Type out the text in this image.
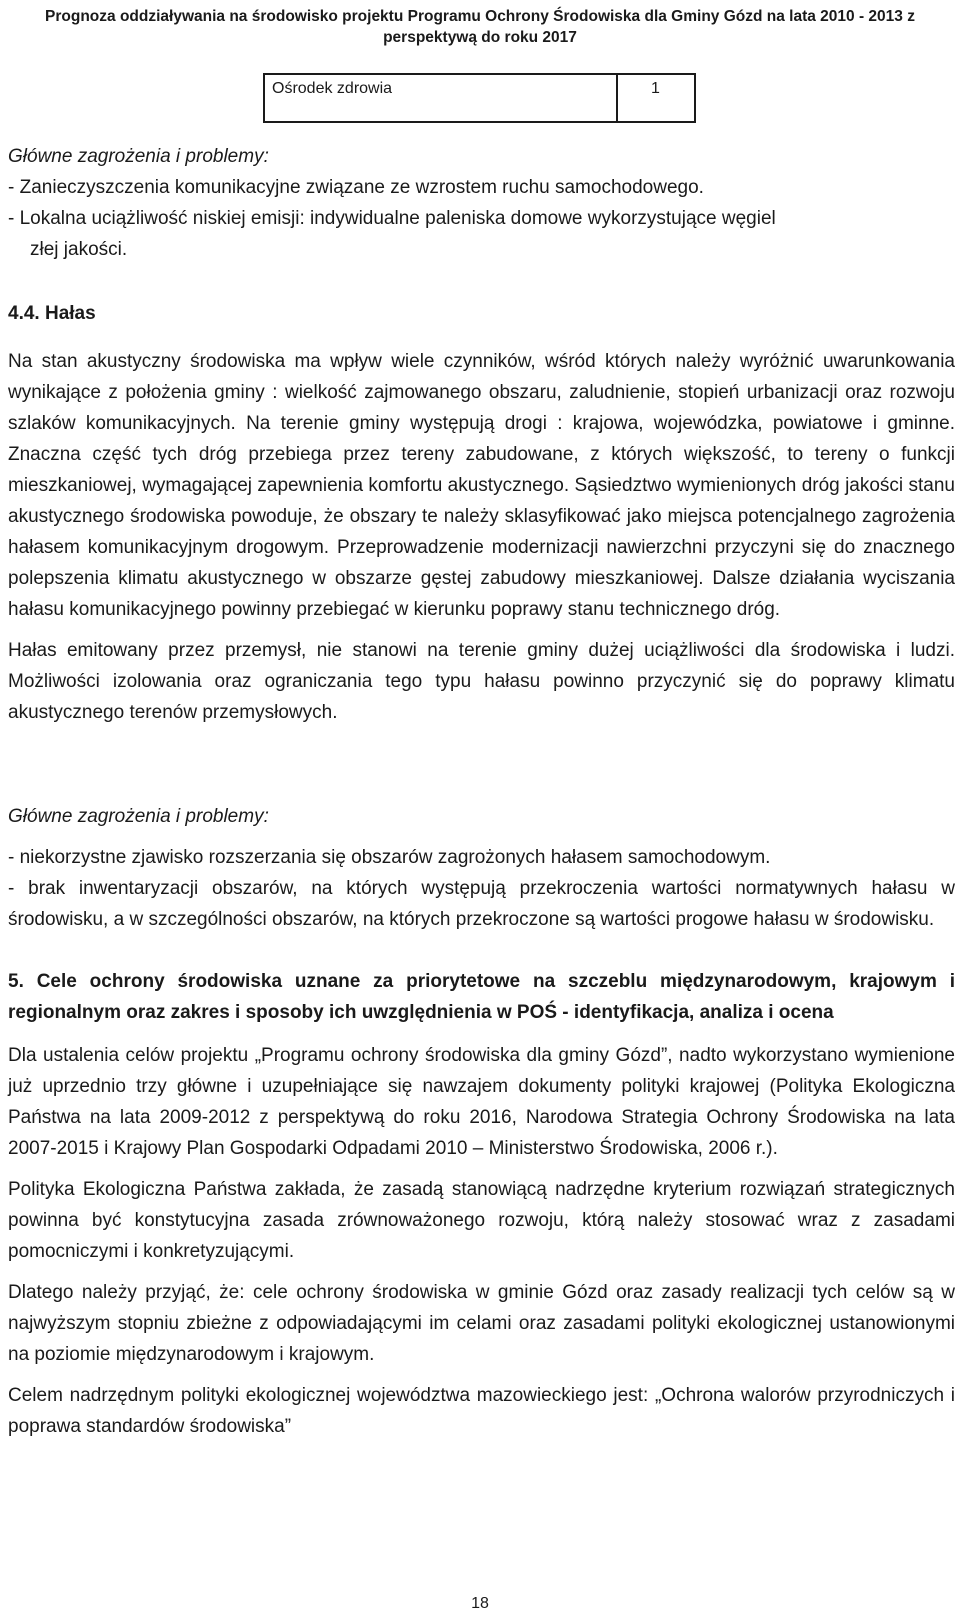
Prognoza oddziaływania na środowisko projektu Programu Ochrony Środowiska dla Gminy Gózd na lata 2010 - 2013 z
perspektywą do roku 2017
Ośrodek zdrowia	1

Główne zagrożenia i problemy:

- Zanieczyszczenia komunikacyjne związane ze wzrostem ruchu samochodowego.

- Lokalna uciążliwość niskiej emisji: indywidualne paleniska domowe wykorzystujące węgiel

złej jakości.

4.4. Hałas

Na stan akustyczny środowiska ma wpływ wiele czynników, wśród których należy wyróżnić uwarunkowania wynikające z położenia gminy : wielkość zajmowanego obszaru, zaludnienie, stopień urbanizacji oraz rozwoju szlaków komunikacyjnych. Na terenie gminy występują drogi : krajowa, wojewódzka, powiatowe i gminne. Znaczna część tych dróg przebiega przez tereny zabudowane, z których większość, to tereny o funkcji mieszkaniowej, wymagającej zapewnienia komfortu akustycznego. Sąsiedztwo wymienionych dróg jakości stanu akustycznego środowiska powoduje, że obszary te należy sklasyfikować jako miejsca potencjalnego zagrożenia hałasem komunikacyjnym drogowym. Przeprowadzenie modernizacji nawierzchni przyczyni się do znacznego polepszenia klimatu akustycznego w obszarze gęstej zabudowy mieszkaniowej. Dalsze działania wyciszania hałasu komunikacyjnego powinny przebiegać w kierunku poprawy stanu technicznego dróg.

Hałas emitowany przez przemysł, nie stanowi na terenie gminy dużej uciążliwości dla środowiska i ludzi. Możliwości izolowania oraz ograniczania tego typu hałasu powinno przyczynić się do poprawy klimatu akustycznego terenów przemysłowych.

Główne zagrożenia i problemy:

- niekorzystne zjawisko rozszerzania się obszarów zagrożonych hałasem samochodowym.

- brak inwentaryzacji obszarów, na których występują przekroczenia wartości normatywnych hałasu w środowisku, a w szczególności obszarów, na których przekroczone są wartości progowe hałasu w środowisku.

5. Cele ochrony środowiska uznane za priorytetowe na szczeblu międzynarodowym, krajowym i regionalnym oraz zakres i sposoby ich uwzględnienia w POŚ - identyfikacja, analiza i ocena

Dla ustalenia celów projektu „Programu ochrony środowiska dla gminy Gózd”, nadto wykorzystano wymienione już uprzednio trzy główne i uzupełniające się nawzajem dokumenty polityki krajowej (Polityka Ekologiczna Państwa na lata 2009-2012 z perspektywą do roku 2016, Narodowa Strategia Ochrony Środowiska na lata 2007-2015 i Krajowy Plan Gospodarki Odpadami 2010 – Ministerstwo Środowiska, 2006 r.).

Polityka Ekologiczna Państwa zakłada, że zasadą stanowiącą nadrzędne kryterium rozwiązań strategicznych powinna być konstytucyjna zasada zrównoważonego rozwoju, którą należy stosować wraz z zasadami pomocniczymi i konkretyzującymi.

Dlatego należy przyjąć, że: cele ochrony środowiska w gminie Gózd oraz zasady realizacji tych celów są w najwyższym stopniu zbieżne z odpowiadającymi im celami oraz zasadami polityki ekologicznej ustanowionymi na poziomie międzynarodowym i krajowym.

Celem nadrzędnym polityki ekologicznej województwa mazowieckiego jest: „Ochrona walorów przyrodniczych i poprawa standardów środowiska”

18
